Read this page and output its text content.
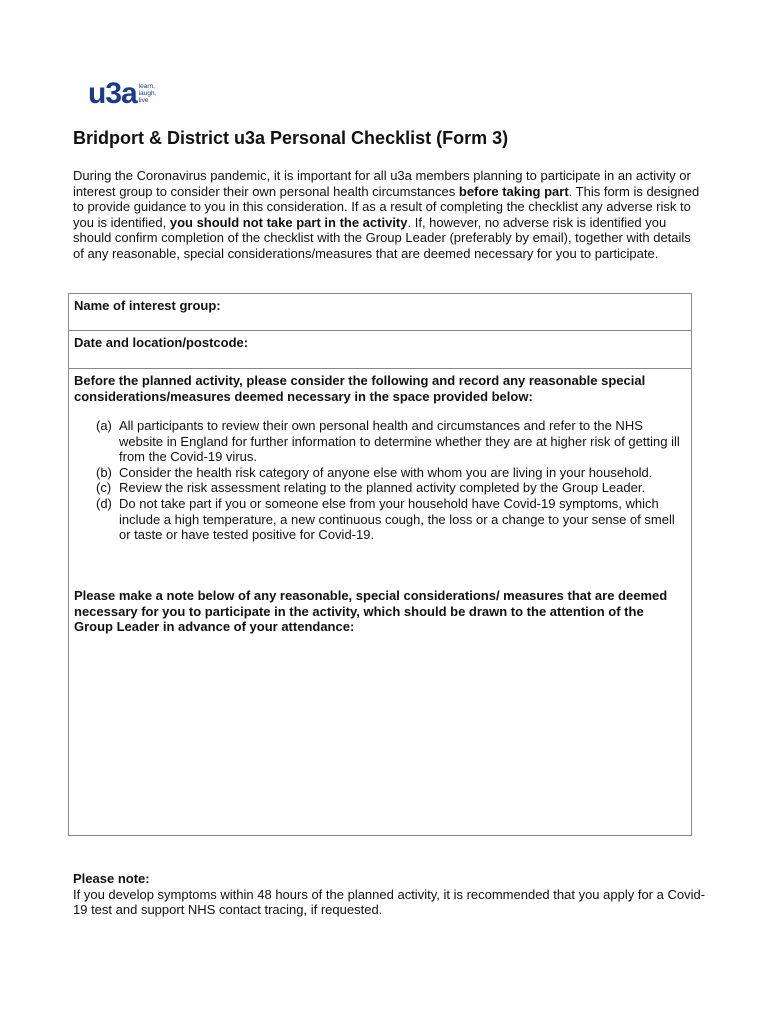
u3a learn,
laugh,
live
Bridport & District u3a Personal Checklist (Form 3)

During the Coronavirus pandemic, it is important for all u3a members planning to participate in an activity or interest group to consider their own personal health circumstances before taking part. This form is designed to provide guidance to you in this consideration. If as a result of completing the checklist any adverse risk to you is identified, you should not take part in the activity. If, however, no adverse risk is identified you should confirm completion of the checklist with the Group Leader (preferably by email), together with details of any reasonable, special considerations/measures that are deemed necessary for you to participate.

Name of interest group:

Date and location/postcode:

Before the planned activity, please consider the following and record any reasonable special considerations/measures deemed necessary in the space provided below:

(a) All participants to review their own personal health and circumstances and refer to the NHS website in England for further information to determine whether they are at higher risk of getting ill from the Covid-19 virus.
(b) Consider the health risk category of anyone else with whom you are living in your household.
(c) Review the risk assessment relating to the planned activity completed by the Group Leader.
(d) Do not take part if you or someone else from your household have Covid-19 symptoms, which include a high temperature, a new continuous cough, the loss or a change to your sense of smell or taste or have tested positive for Covid-19.

Please make a note below of any reasonable, special considerations/ measures that are deemed necessary for you to participate in the activity, which should be drawn to the attention of the Group Leader in advance of your attendance:

Please note:

If you develop symptoms within 48 hours of the planned activity, it is recommended that you apply for a Covid-19 test and support NHS contact tracing, if requested.
